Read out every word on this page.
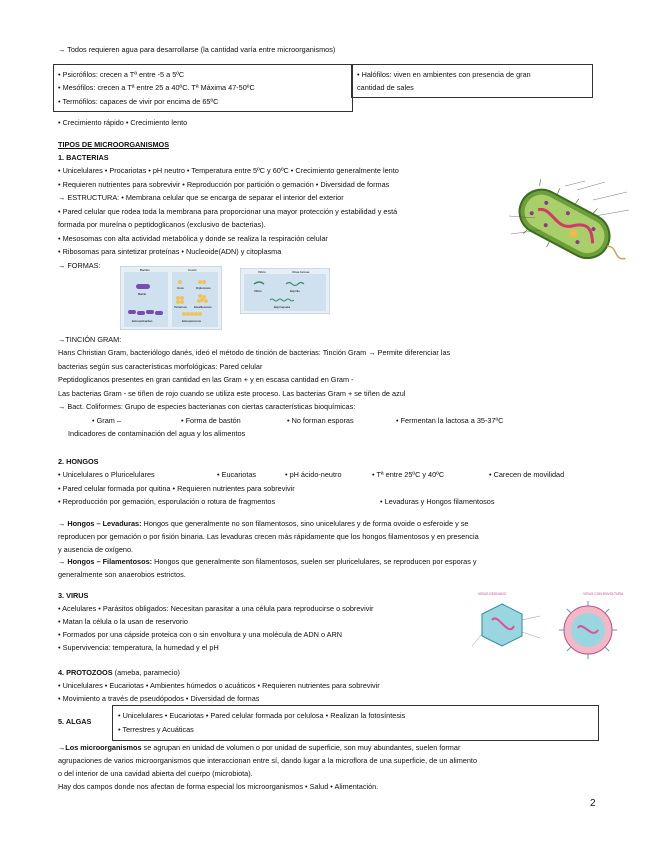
→ Todos requieren agua para desarrollarse (la cantidad varía entre microorganismos)
• Psicrófilos: crecen a Tª entre -5 a 5ºC
• Mesófilos: crecen a Tª entre 25 a 40ºC. Tª Máxima 47-50ºC
• Termófilos: capaces de vivir por encima de 65ºC
• Halófilos: viven en ambientes con presencia de gran
cantidad de sales
• Crecimiento rápido • Crecimiento lento
TIPOS DE MICROORGANISMOS
1. BACTERIAS
• Unicelulares • Procariotas • pH neutro • Temperatura entre 5ºC y 60ºC • Crecimiento generalmente lento
• Requieren nutrientes para sobrevivir • Reproducción por partición o gemación • Diversidad de formas
→ ESTRUCTURA: • Membrana celular que se encarga de separar el interior del exterior
• Pared celular que rodea toda la membrana para proporcionar una mayor protección y estabilidad y está
formada por mureína o peptidoglicanos (exclusivo de bacterias).
• Mesosomas con alta actividad metabólica y donde se realiza la respiración celular
• Ribosomas para sintetizar proteínas • Nucleoide(ADN) y citoplasma
→ FORMAS:	Bacilos	Cocos
Bacilo
Estreptobacilos
Coco	Diplococos
Tetracoco Estafilococos
Estreptococos
Vibrio	Otras formas
Vibrio	Espirilo
Espiroqueta
→TINCIÓN GRAM:
Hans Christian Gram, bacteriólogo danés, ideó el método de tinción de bacterias: Tinción Gram → Permite diferenciar las
bacterias según sus características morfológicas: Pared celular
Peptidoglicanos presentes en gran cantidad en las Gram + y en escasa cantidad en Gram -
Las bacterias Gram - se tiñen de rojo cuando se utiliza este proceso. Las bacterias Gram + se tiñen de azul
→ Bact. Coliformes: Grupo de especies bacterianas con ciertas características bioquímicas:
• Gram –	• Forma de bastón	• No forman esporas	• Fermentan la lactosa a 35-37ºC
Indicadores de contaminación del agua y los alimentos
2. HONGOS
• Unicelulares o Pluricelulares	• Eucariotas	• pH ácido-neutro	• Tª entre 25ºC y 40ºC	• Carecen de movilidad
• Pared celular formada por quitina • Requieren nutrientes para sobrevivir
• Reproducción por gemación, esporulación o rotura de fragmentos	• Levaduras y Hongos filamentosos
→ Hongos – Levaduras: Hongos que generalmente no son filamentosos, sino unicelulares y de forma ovoide o esferoide y se
reproducen por gemación o por fisión binaria. Las levaduras crecen más rápidamente que los hongos filamentosos y en presencia
y ausencia de oxígeno.
→ Hongos – Filamentosos: Hongos que generalmente son filamentosos, suelen ser pluricelulares, se reproducen por esporas y
generalmente son anaerobios estrictos.
3. VIRUS
• Acelulares • Parásitos obligados: Necesitan parasitar a una célula para reproducirse o sobrevivir
• Matan la célula o la usan de reservorio
• Formados por una cápside proteica con o sin envoltura y una molécula de ADN o ARN
• Supervivencia: temperatura, la humedad y el pH
VIRUS DESNUDO	VIRUS CON ENVOLTURA
4. PROTOZOOS (ameba, paramecio)
• Unicelulares • Eucariotas • Ambientes húmedos o acuáticos • Requieren nutrientes para sobrevivir
• Movimiento a través de pseudópodos • Diversidad de formas
5. ALGAS
• Unicelulares • Eucariotas • Pared celular formada por celulosa • Realizan la fotosíntesis
• Terrestres y Acuáticas
→Los microorganismos se agrupan en unidad de volumen o por unidad de superficie, son muy abundantes, suelen formar
agrupaciones de varios microorganismos que interaccionan entre sí, dando lugar a la microflora de una superficie, de un alimento
o del interior de una cavidad abierta del cuerpo (microbiota).
Hay dos campos donde nos afectan de forma especial los microorganismos • Salud • Alimentación.
2
